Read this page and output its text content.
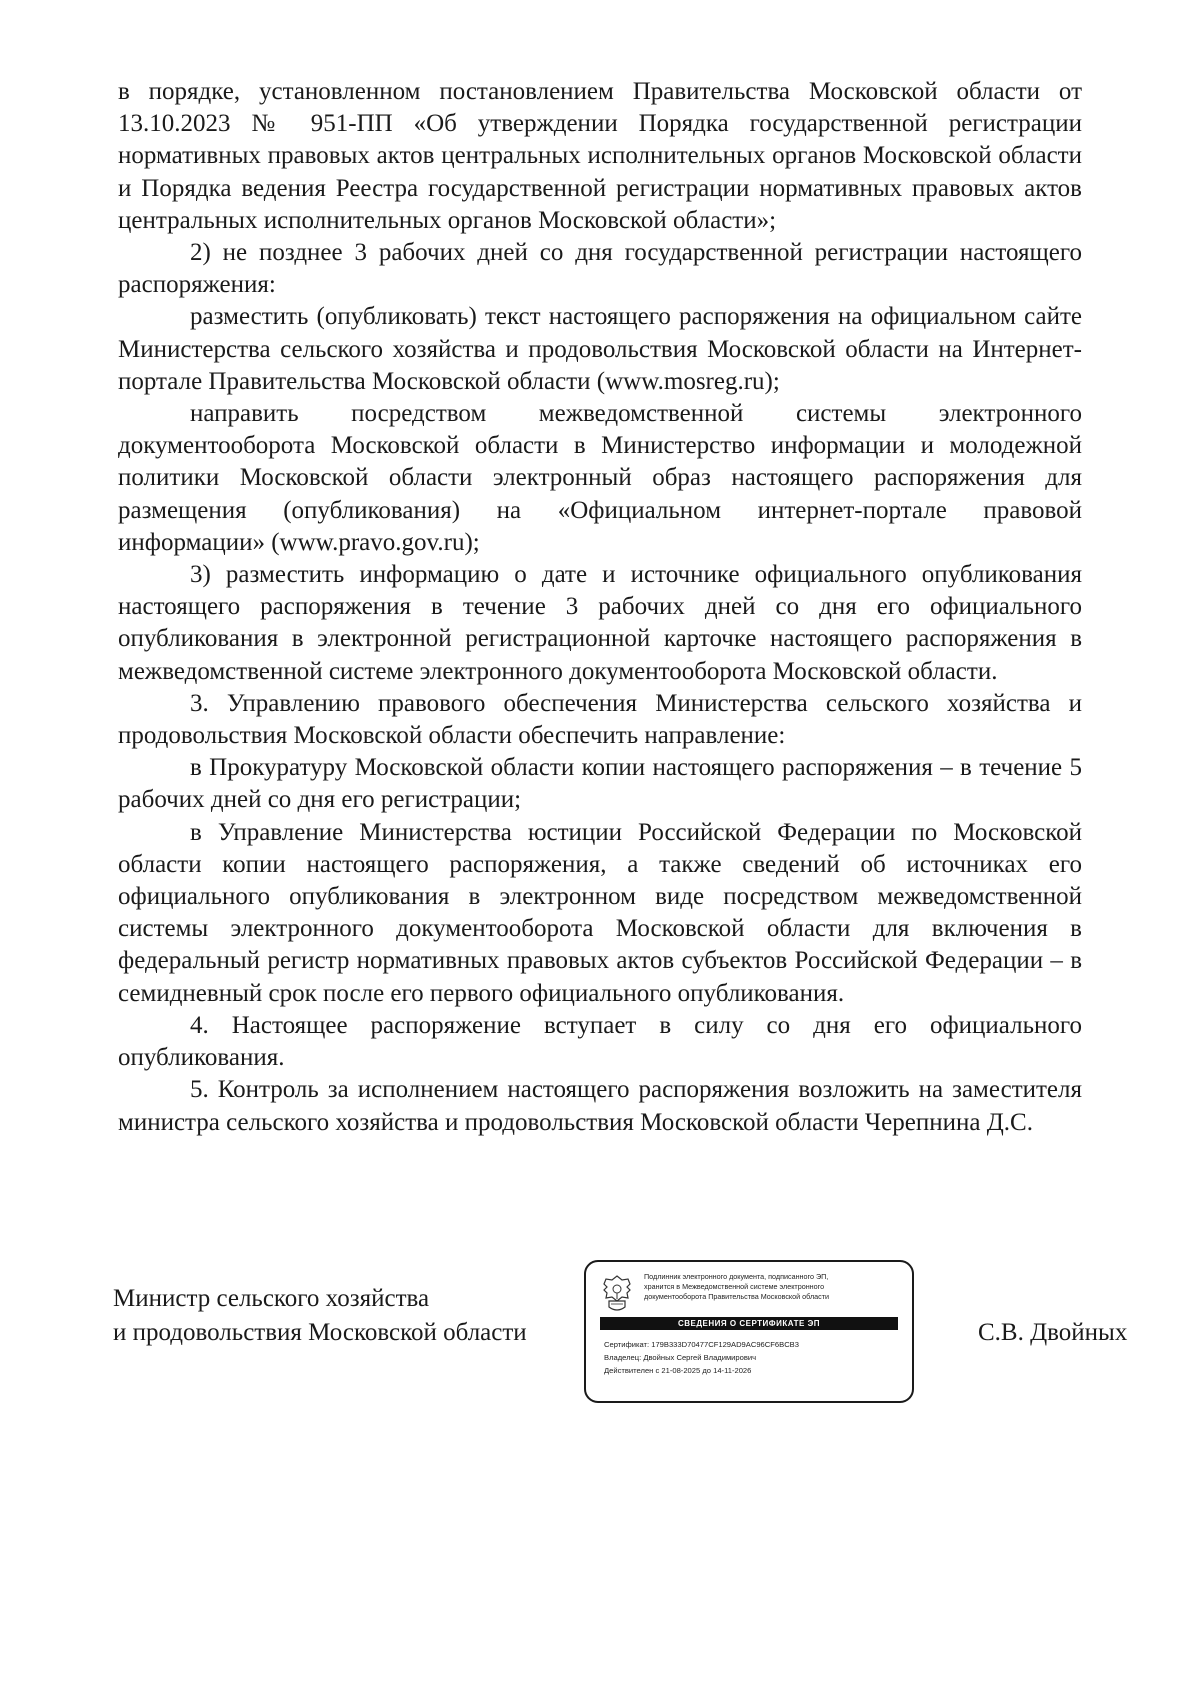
в порядке, установленном постановлением Правительства Московской области от 13.10.2023 № 951-ПП «Об утверждении Порядка государственной регистрации нормативных правовых актов центральных исполнительных органов Московской области и Порядка ведения Реестра государственной регистрации нормативных правовых актов центральных исполнительных органов Московской области»;

2) не позднее 3 рабочих дней со дня государственной регистрации настоящего распоряжения:

разместить (опубликовать) текст настоящего распоряжения на официальном сайте Министерства сельского хозяйства и продовольствия Московской области на Интернет-портале Правительства Московской области (www.mosreg.ru);

направить посредством межведомственной системы электронного документооборота Московской области в Министерство информации и молодежной политики Московской области электронный образ настоящего распоряжения для размещения (опубликования) на «Официальном интернет-портале правовой информации» (www.pravo.gov.ru);

3) разместить информацию о дате и источнике официального опубликования настоящего распоряжения в течение 3 рабочих дней со дня его официального опубликования в электронной регистрационной карточке настоящего распоряжения в межведомственной системе электронного документооборота Московской области.

3. Управлению правового обеспечения Министерства сельского хозяйства и продовольствия Московской области обеспечить направление:

в Прокуратуру Московской области копии настоящего распоряжения – в течение 5 рабочих дней со дня его регистрации;

в Управление Министерства юстиции Российской Федерации по Московской области копии настоящего распоряжения, а также сведений об источниках его официального опубликования в электронном виде посредством межведомственной системы электронного документооборота Московской области для включения в федеральный регистр нормативных правовых актов субъектов Российской Федерации – в семидневный срок после его первого официального опубликования.

4. Настоящее распоряжение вступает в силу со дня его официального опубликования.

5. Контроль за исполнением настоящего распоряжения возложить на заместителя министра сельского хозяйства и продовольствия Московской области Черепнина Д.С.

Министр сельского хозяйства
и продовольствия Московской области
Подлинник электронного документа, подписанного ЭП,
хранится в Межведомственной системе электронного
документооборота Правительства Московской области
СВЕДЕНИЯ О СЕРТИФИКАТЕ ЭП
Сертификат: 179B333D70477CF129AD9AC96CF6BCB3
Владелец: Двойных Сергей Владимирович
Действителен с 21-08-2025 до 14-11-2026
С.В. Двойных
